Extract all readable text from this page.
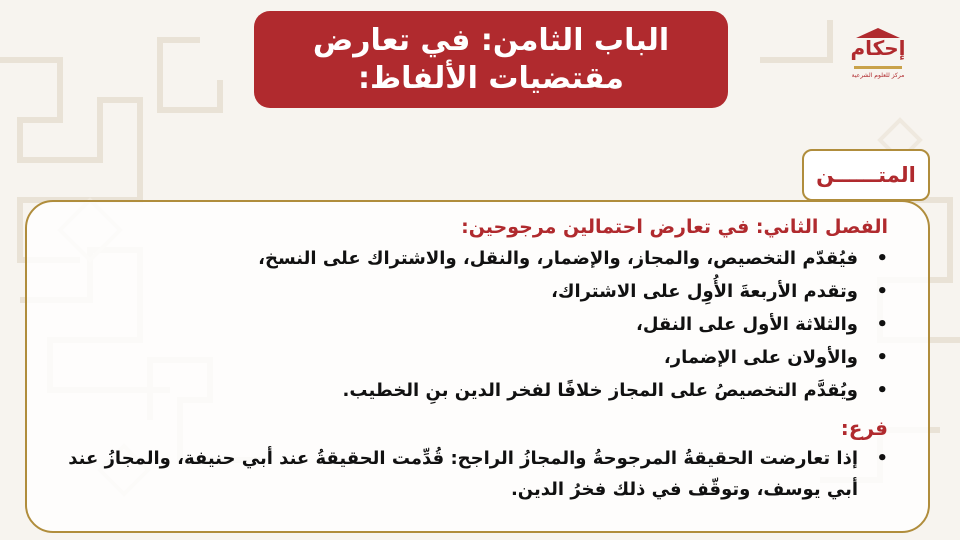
الباب الثامن: في تعارض
مقتضيات الألفاظ:
إحكام
مركز للعلوم الشرعية
المتــــــن

الفصل الثاني: في تعارض احتمالين مرجوحين:

• فيُقدّم التخصيص، والمجاز، والإضمار، والنقل، والاشتراك على النسخ،
• وتقدم الأربعةَ الأُوِل على الاشتراك،
• والثلاثة الأول على النقل،
• والأولان على الإضمار،
• ويُقدَّم التخصيصُ على المجاز خلافًا لفخر الدين بنِ الخطيب.

فرع:

• إذا تعارضت الحقيقةُ المرجوحةُ والمجازُ الراجح: قُدِّمت الحقيقةُ عند أبي حنيفة، والمجازُ عند أبي يوسف، وتوقّف في ذلك فخرُ الدين.
